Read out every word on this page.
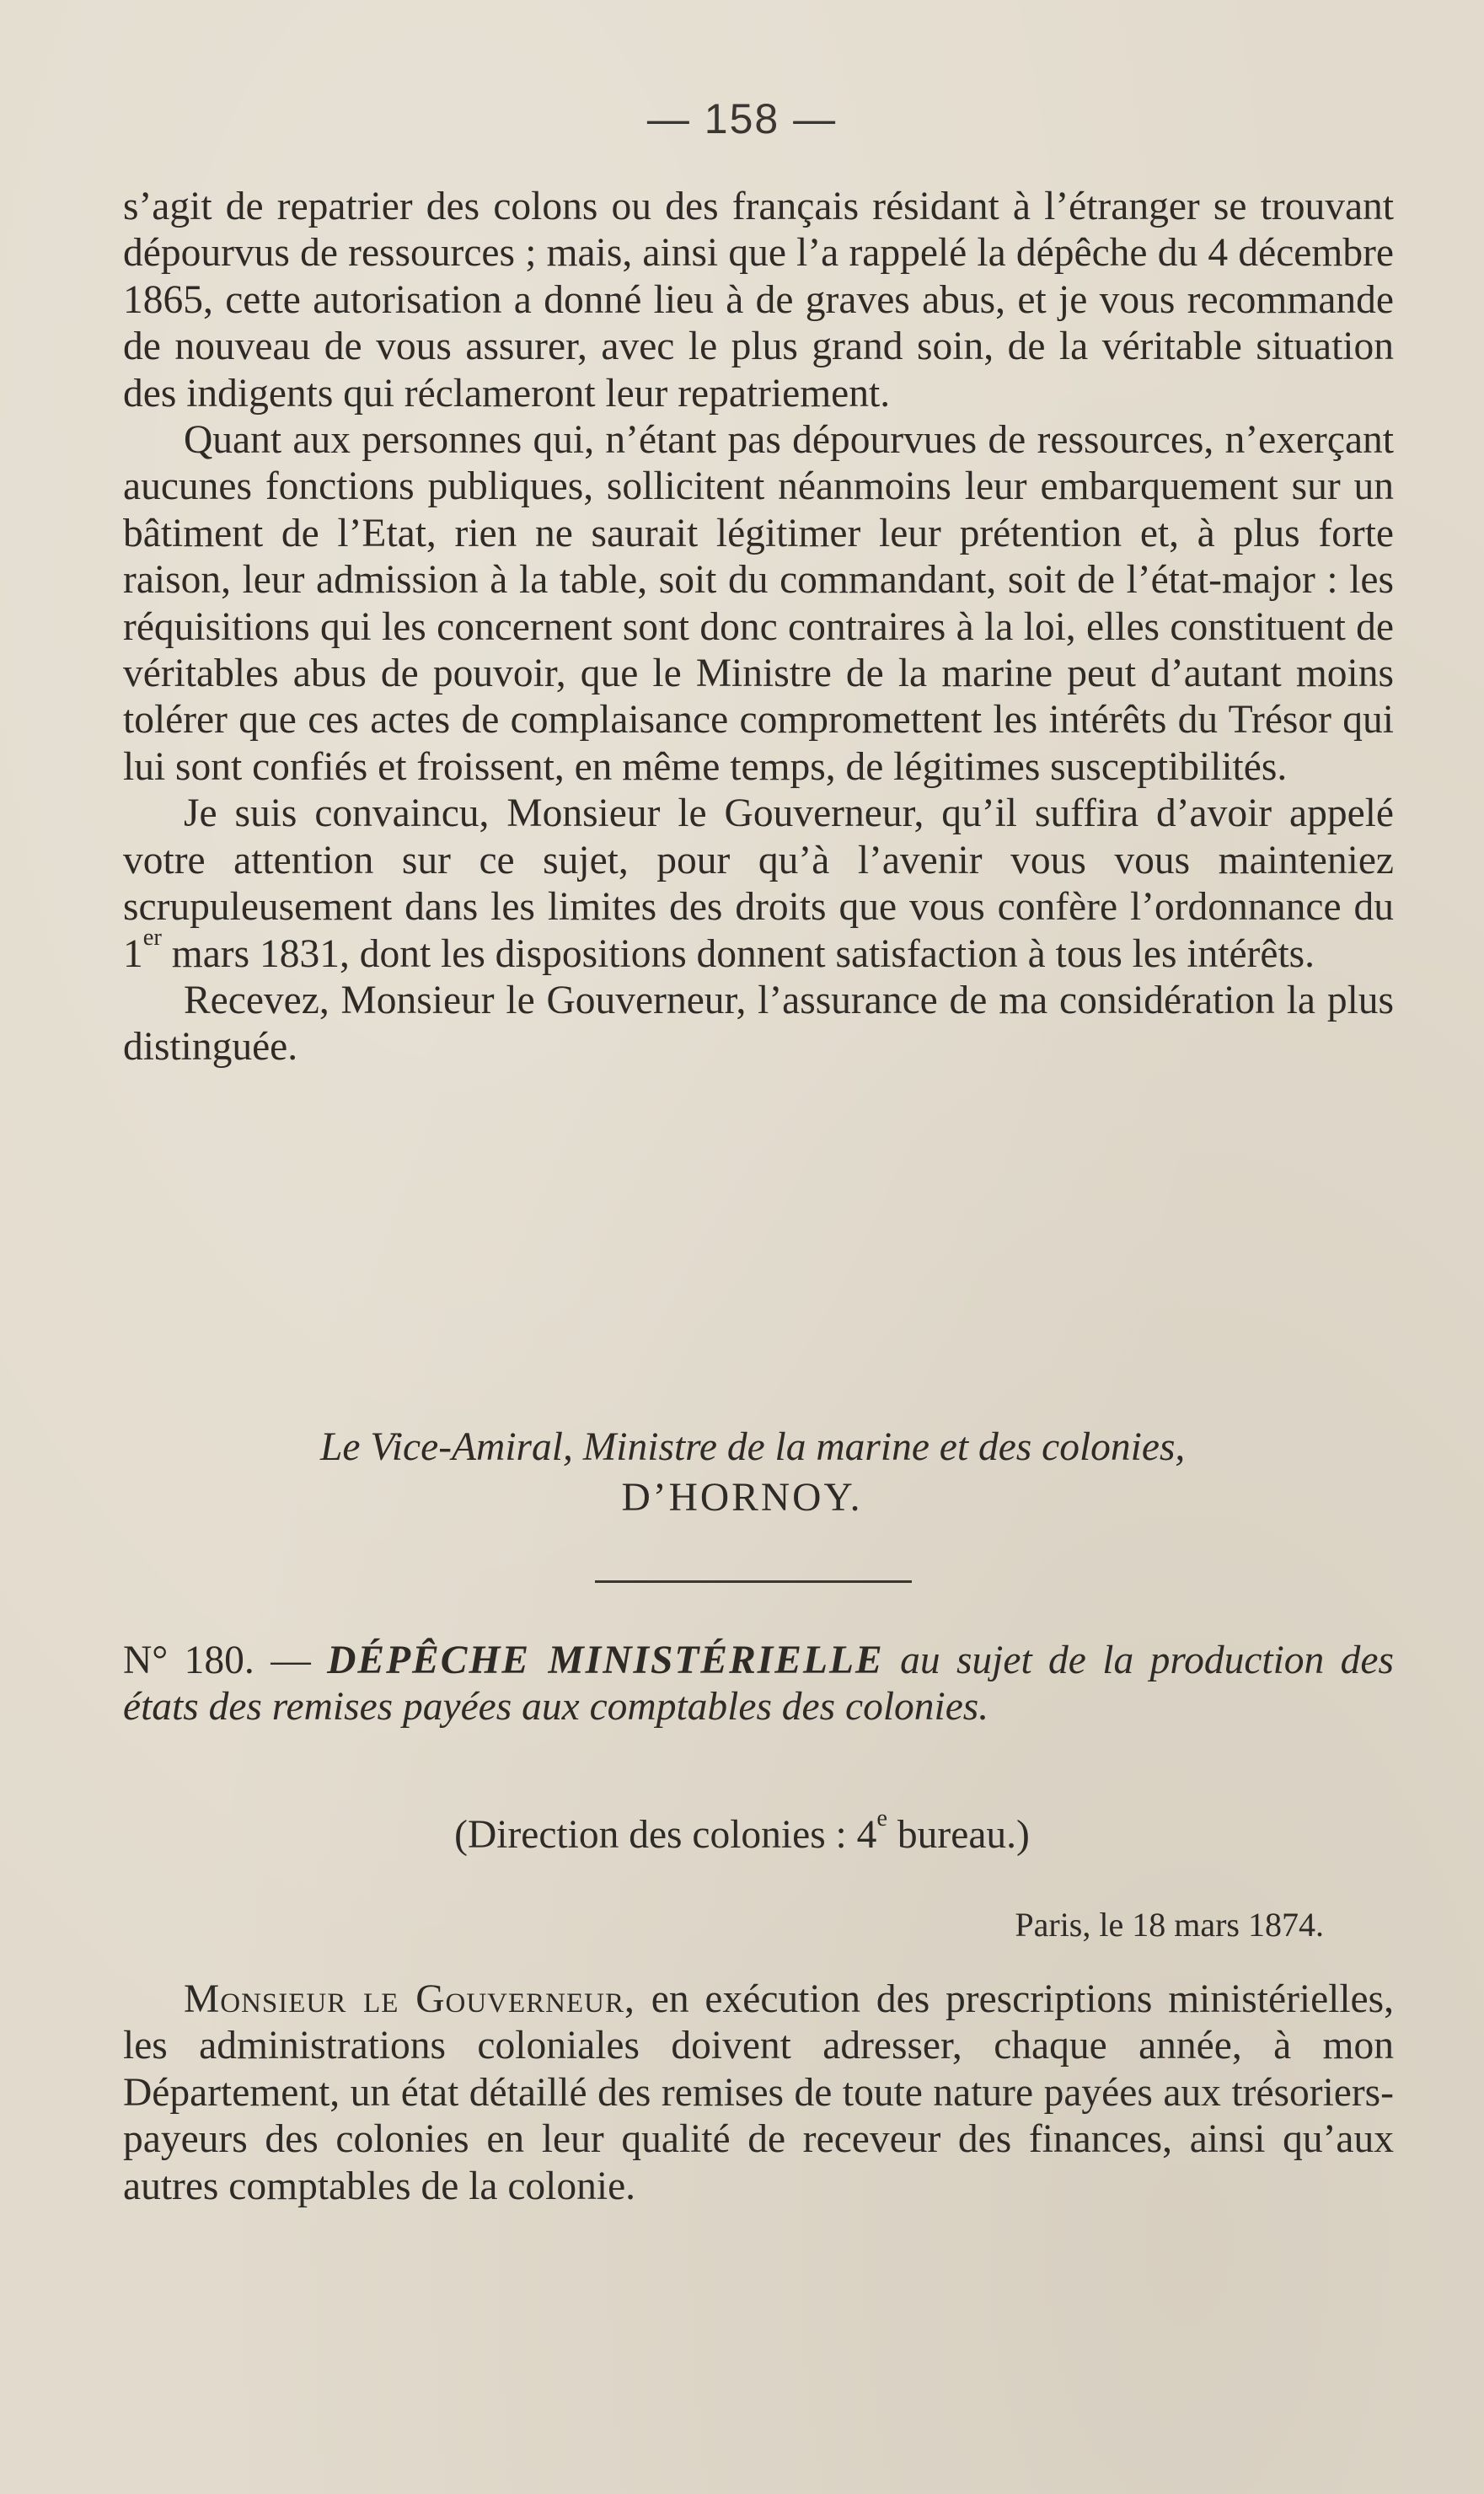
— 158 —

s’agit de repatrier des colons ou des français résidant à l’étranger se trouvant dépourvus de ressources ; mais, ainsi que l’a rappelé la dépêche du 4 décembre 1865, cette autorisation a donné lieu à de graves abus, et je vous recommande de nouveau de vous assurer, avec le plus grand soin, de la véritable situation des indigents qui réclameront leur repatriement.

Quant aux personnes qui, n’étant pas dépourvues de ressources, n’exerçant aucunes fonctions publiques, sollicitent néanmoins leur embarquement sur un bâtiment de l’Etat, rien ne saurait légitimer leur prétention et, à plus forte raison, leur admission à la table, soit du commandant, soit de l’état-major : les réquisitions qui les concernent sont donc contraires à la loi, elles constituent de véritables abus de pouvoir, que le Ministre de la marine peut d’autant moins tolérer que ces actes de complaisance compromettent les intérêts du Trésor qui lui sont confiés et froissent, en même temps, de légitimes susceptibilités.

Je suis convaincu, Monsieur le Gouverneur, qu’il suffira d’avoir appelé votre attention sur ce sujet, pour qu’à l’avenir vous vous mainteniez scrupuleusement dans les limites des droits que vous confère l’ordonnance du 1er mars 1831, dont les dispositions donnent satisfaction à tous les intérêts.

Recevez, Monsieur le Gouverneur, l’assurance de ma considération la plus distinguée.

Le Vice-Amiral, Ministre de la marine et des colonies,
D’HORNOY.
N° 180. — DÉPÊCHE MINISTÉRIELLE au sujet de la production des états des remises payées aux comptables des colonies.
(Direction des colonies : 4e bureau.)
Paris, le 18 mars 1874.

Monsieur le Gouverneur, en exécution des prescriptions ministérielles, les administrations coloniales doivent adresser, chaque année, à mon Département, un état détaillé des remises de toute nature payées aux trésoriers-payeurs des colonies en leur qualité de receveur des finances, ainsi qu’aux autres comptables de la colonie.
